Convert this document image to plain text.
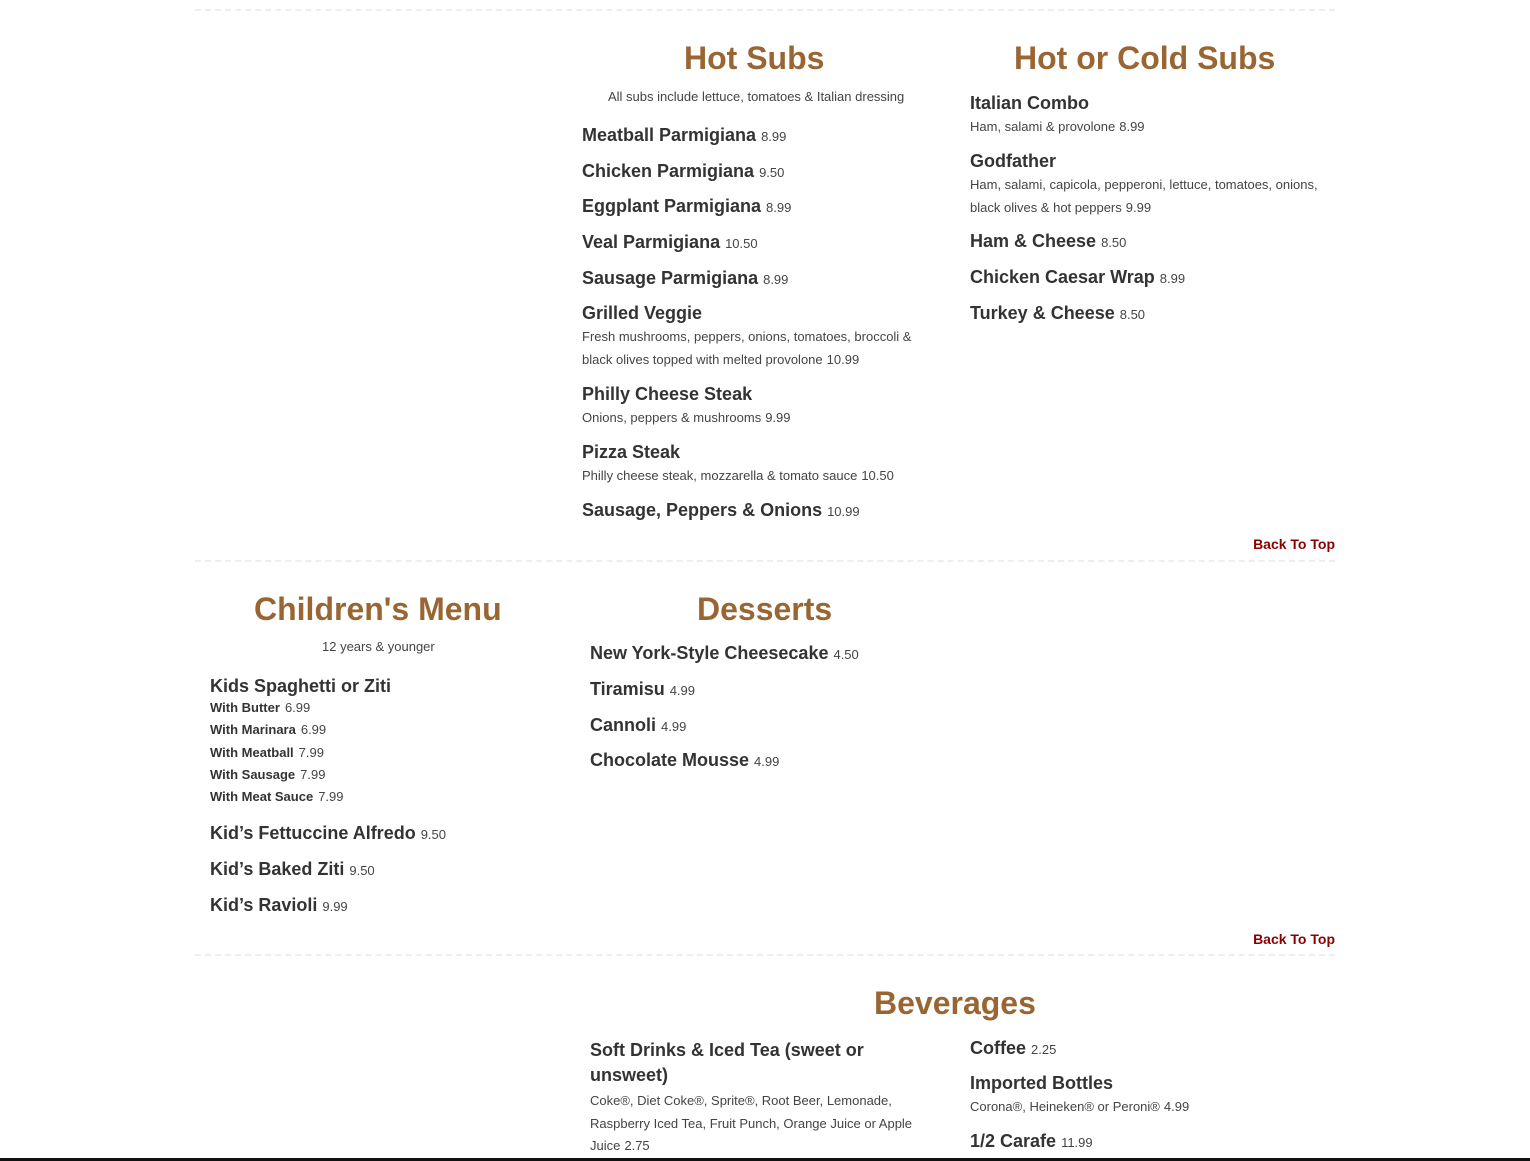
Hot Subs
All subs include lettuce, tomatoes & Italian dressing
Meatball Parmigiana 8.99
Chicken Parmigiana 9.50
Eggplant Parmigiana 8.99
Veal Parmigiana 10.50
Sausage Parmigiana 8.99
Grilled Veggie
Fresh mushrooms, peppers, onions, tomatoes, broccoli & black olives topped with melted provolone 10.99
Philly Cheese Steak
Onions, peppers & mushrooms 9.99
Pizza Steak
Philly cheese steak, mozzarella & tomato sauce 10.50
Sausage, Peppers & Onions 10.99
Hot or Cold Subs
Italian Combo
Ham, salami & provolone 8.99
Godfather
Ham, salami, capicola, pepperoni, lettuce, tomatoes, onions, black olives & hot peppers 9.99
Ham & Cheese 8.50
Chicken Caesar Wrap 8.99
Turkey & Cheese 8.50
Back To Top
Children's Menu
12 years & younger
Kids Spaghetti or Ziti
With Butter 6.99
With Marinara 6.99
With Meatball 7.99
With Sausage 7.99
With Meat Sauce 7.99
Kid’s Fettuccine Alfredo 9.50
Kid’s Baked Ziti 9.50
Kid’s Ravioli 9.99
Desserts
New York-Style Cheesecake 4.50
Tiramisu 4.99
Cannoli 4.99
Chocolate Mousse 4.99
Back To Top
Beverages
Soft Drinks & Iced Tea (sweet or unsweet)
Coke®, Diet Coke®, Sprite®, Root Beer, Lemonade, Raspberry Iced Tea, Fruit Punch, Orange Juice or Apple Juice 2.75
Coffee 2.25
Imported Bottles
Corona®, Heineken® or Peroni® 4.99
1/2 Carafe 11.99
